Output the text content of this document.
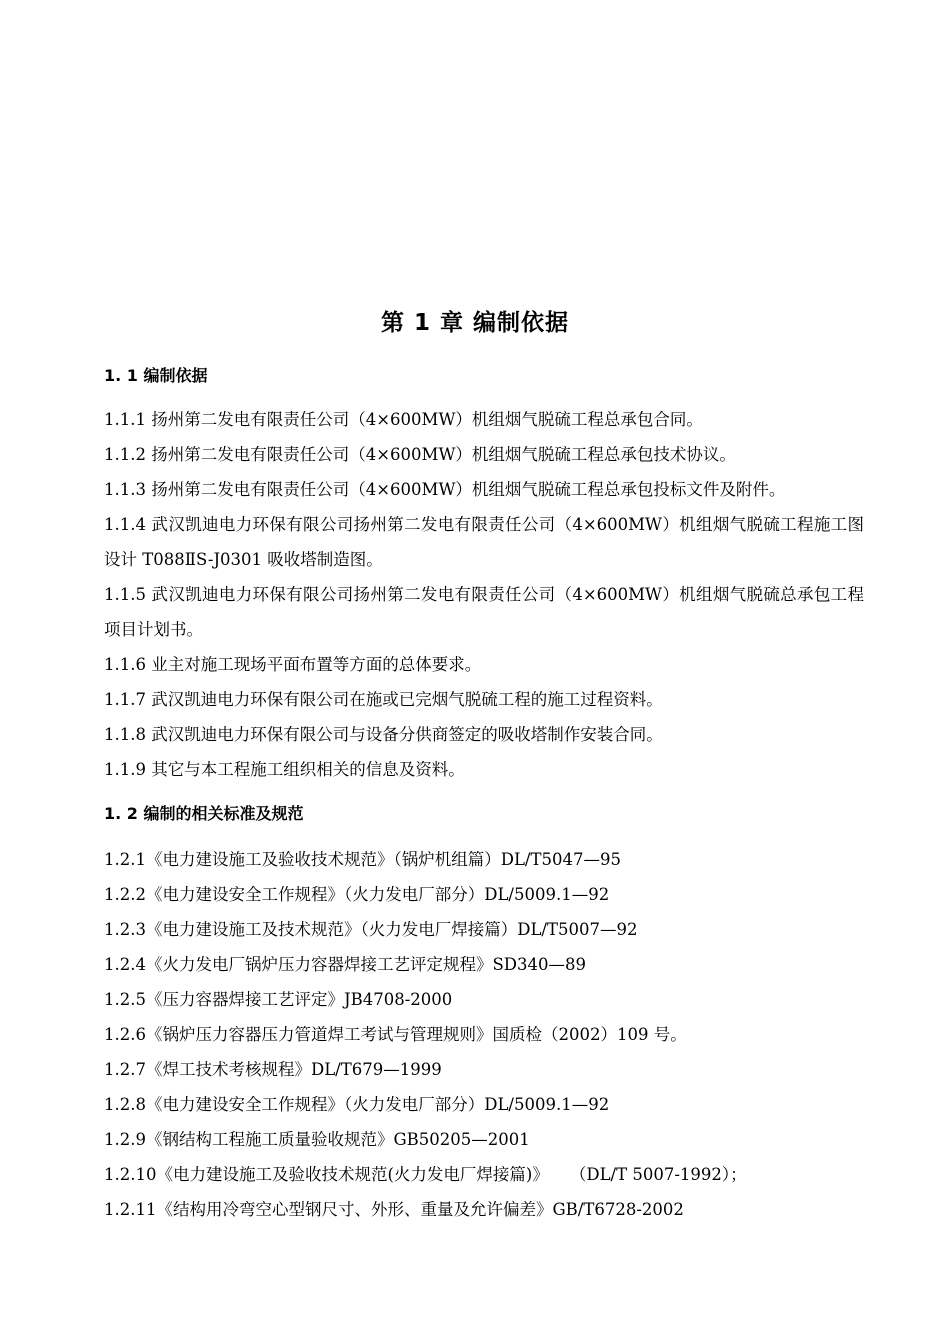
第 1 章 编制依据

1. 1 编制依据

1.1.1 扬州第二发电有限责任公司（4×600MW）机组烟气脱硫工程总承包合同。

1.1.2 扬州第二发电有限责任公司（4×600MW）机组烟气脱硫工程总承包技术协议。

1.1.3 扬州第二发电有限责任公司（4×600MW）机组烟气脱硫工程总承包投标文件及附件。

1.1.4 武汉凯迪电力环保有限公司扬州第二发电有限责任公司（4×600MW）机组烟气脱硫工程施工图设计 T088ⅡS-J0301 吸收塔制造图。

1.1.5 武汉凯迪电力环保有限公司扬州第二发电有限责任公司（4×600MW）机组烟气脱硫总承包工程项目计划书。

1.1.6 业主对施工现场平面布置等方面的总体要求。

1.1.7 武汉凯迪电力环保有限公司在施或已完烟气脱硫工程的施工过程资料。

1.1.8 武汉凯迪电力环保有限公司与设备分供商签定的吸收塔制作安装合同。

1.1.9 其它与本工程施工组织相关的信息及资料。

1. 2 编制的相关标准及规范

1.2.1《电力建设施工及验收技术规范》（锅炉机组篇）DL/T5047—95

1.2.2《电力建设安全工作规程》（火力发电厂部分）DL/5009.1—92

1.2.3《电力建设施工及技术规范》（火力发电厂焊接篇）DL/T5007—92

1.2.4《火力发电厂锅炉压力容器焊接工艺评定规程》SD340—89

1.2.5《压力容器焊接工艺评定》JB4708-2000

1.2.6《锅炉压力容器压力管道焊工考试与管理规则》国质检（2002）109 号。

1.2.7《焊工技术考核规程》DL/T679—1999

1.2.8《电力建设安全工作规程》（火力发电厂部分）DL/5009.1—92

1.2.9《钢结构工程施工质量验收规范》GB50205—2001

1.2.10《电力建设施工及验收技术规范(火力发电厂焊接篇)》    （DL/T 5007-1992）；

1.2.11《结构用冷弯空心型钢尺寸、外形、重量及允许偏差》GB/T6728-2002
